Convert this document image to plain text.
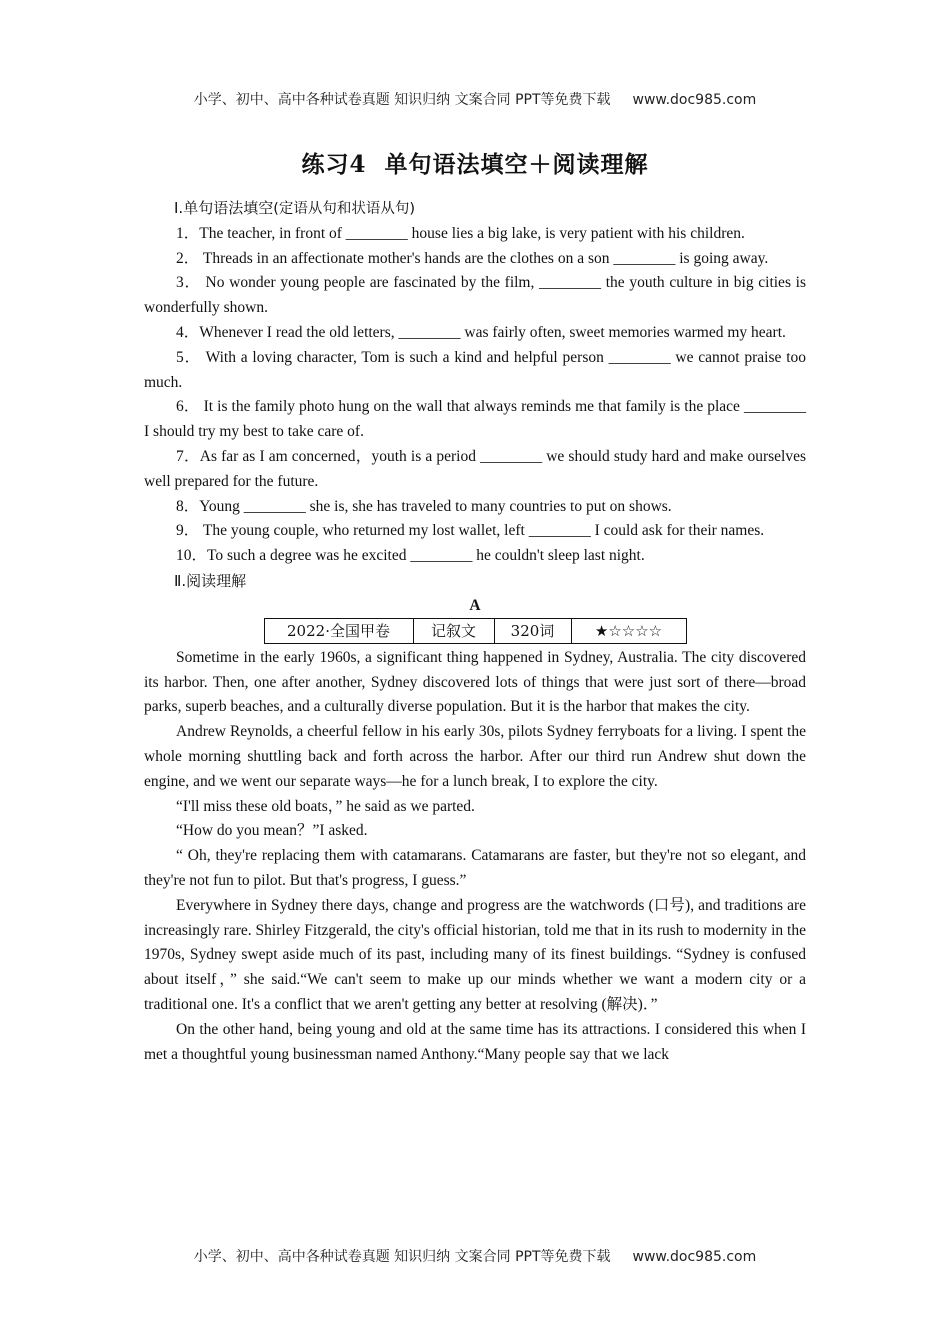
小学、初中、高中各种试卷真题 知识归纳 文案合同 PPT等免费下载 www.doc985.com
练习4 单句语法填空＋阅读理解
Ⅰ.单句语法填空(定语从句和状语从句)

1．The teacher, in front of ________ house lies a big lake, is very patient with his children.

2． Threads in an affectionate mother's hands are the clothes on a son ________ is going away.

3． No wonder young people are fascinated by the film, ________ the youth culture in big cities is wonderfully shown.

4．Whenever I read the old letters, ________ was fairly often, sweet memories warmed my heart.

5． With a loving character, Tom is such a kind and helpful person ________ we cannot praise too much.

6． It is the family photo hung on the wall that always reminds me that family is the place ________ I should try my best to take care of.

7．As far as I am concerned，youth is a period ________ we should study hard and make ourselves well prepared for the future.

8．Young ________ she is, she has traveled to many countries to put on shows.

9． The young couple, who returned my lost wallet, left ________ I could ask for their names.

10．To such a degree was he excited ________ he couldn't sleep last night.

Ⅱ.阅读理解
A
2022·全国甲卷	记叙文	320词	★☆☆☆☆

Sometime in the early 1960s, a significant thing happened in Sydney, Australia. The city discovered its harbor. Then, one after another, Sydney discovered lots of things that were just sort of there—broad parks, superb beaches, and a culturally diverse population. But it is the harbor that makes the city.

Andrew Reynolds, a cheerful fellow in his early 30s, pilots Sydney ferryboats for a living. I spent the whole morning shuttling back and forth across the harbor. After our third run Andrew shut down the engine, and we went our separate ways—he for a lunch break, I to explore the city.

“I'll miss these old boats，” he said as we parted.

“How do you mean？”I asked.

“ Oh, they're replacing them with catamarans. Catamarans are faster, but they're not so elegant, and they're not fun to pilot. But that's progress, I guess.”

Everywhere in Sydney there days, change and progress are the watchwords (口号), and traditions are increasingly rare. Shirley Fitzgerald, the city's official historian, told me that in its rush to modernity in the 1970s, Sydney swept aside much of its past, including many of its finest buildings. “Sydney is confused about itself，” she said.“We can't seem to make up our minds whether we want a modern city or a traditional one. It's a conflict that we aren't getting any better at resolving (解决)．”

On the other hand, being young and old at the same time has its attractions. I considered this when I met a thoughtful young businessman named Anthony.“Many people say that we lack

小学、初中、高中各种试卷真题 知识归纳 文案合同 PPT等免费下载 www.doc985.com
